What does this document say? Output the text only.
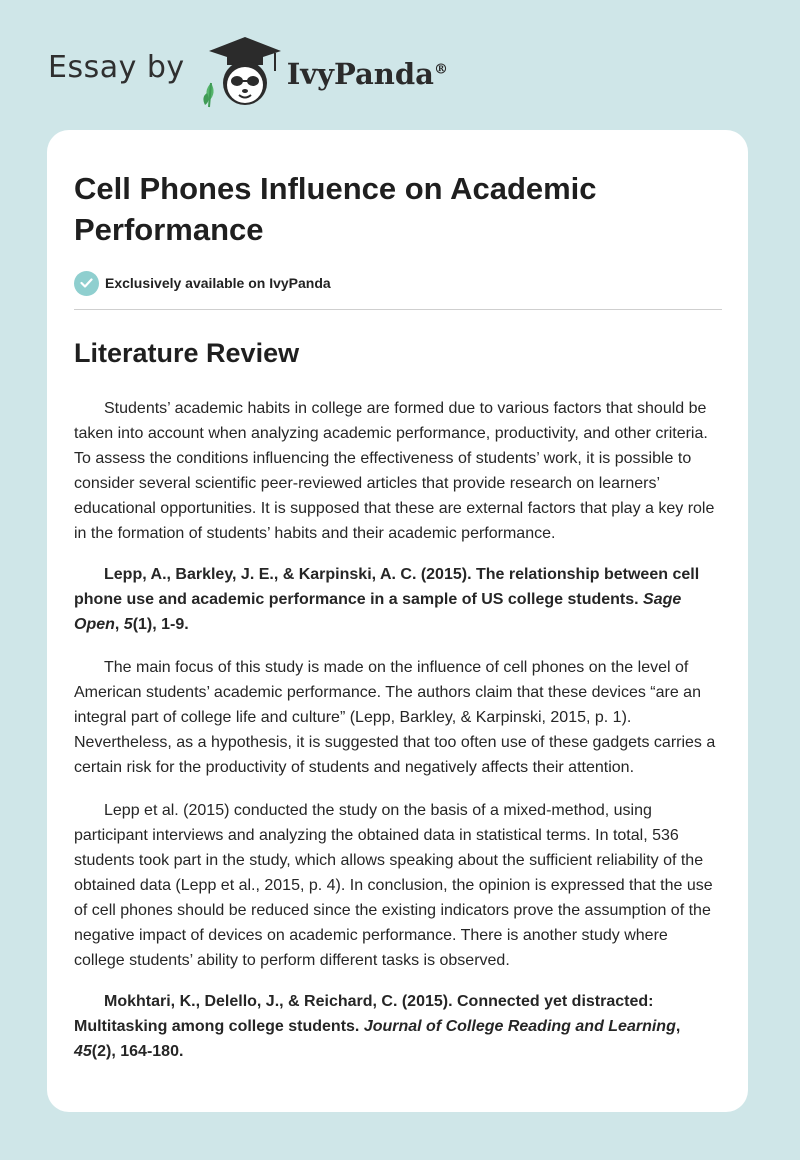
Essay by	IvyPanda®
Cell Phones Influence on Academic Performance
Exclusively available on IvyPanda
Literature Review

Students’ academic habits in college are formed due to various factors that should be taken into account when analyzing academic performance, productivity, and other criteria. To assess the conditions influencing the effectiveness of students’ work, it is possible to consider several scientific peer-reviewed articles that provide research on learners’ educational opportunities. It is supposed that these are external factors that play a key role in the formation of students’ habits and their academic performance.

Lepp, A., Barkley, J. E., & Karpinski, A. C. (2015). The relationship between cell phone use and academic performance in a sample of US college students. Sage Open, 5(1), 1-9.

The main focus of this study is made on the influence of cell phones on the level of American students’ academic performance. The authors claim that these devices “are an integral part of college life and culture” (Lepp, Barkley, & Karpinski, 2015, p. 1). Nevertheless, as a hypothesis, it is suggested that too often use of these gadgets carries a certain risk for the productivity of students and negatively affects their attention.

Lepp et al. (2015) conducted the study on the basis of a mixed-method, using participant interviews and analyzing the obtained data in statistical terms. In total, 536 students took part in the study, which allows speaking about the sufficient reliability of the obtained data (Lepp et al., 2015, p. 4). In conclusion, the opinion is expressed that the use of cell phones should be reduced since the existing indicators prove the assumption of the negative impact of devices on academic performance. There is another study where college students’ ability to perform different tasks is observed.

Mokhtari, K., Delello, J., & Reichard, C. (2015). Connected yet distracted: Multitasking among college students. Journal of College Reading and Learning, 45(2), 164-180.
